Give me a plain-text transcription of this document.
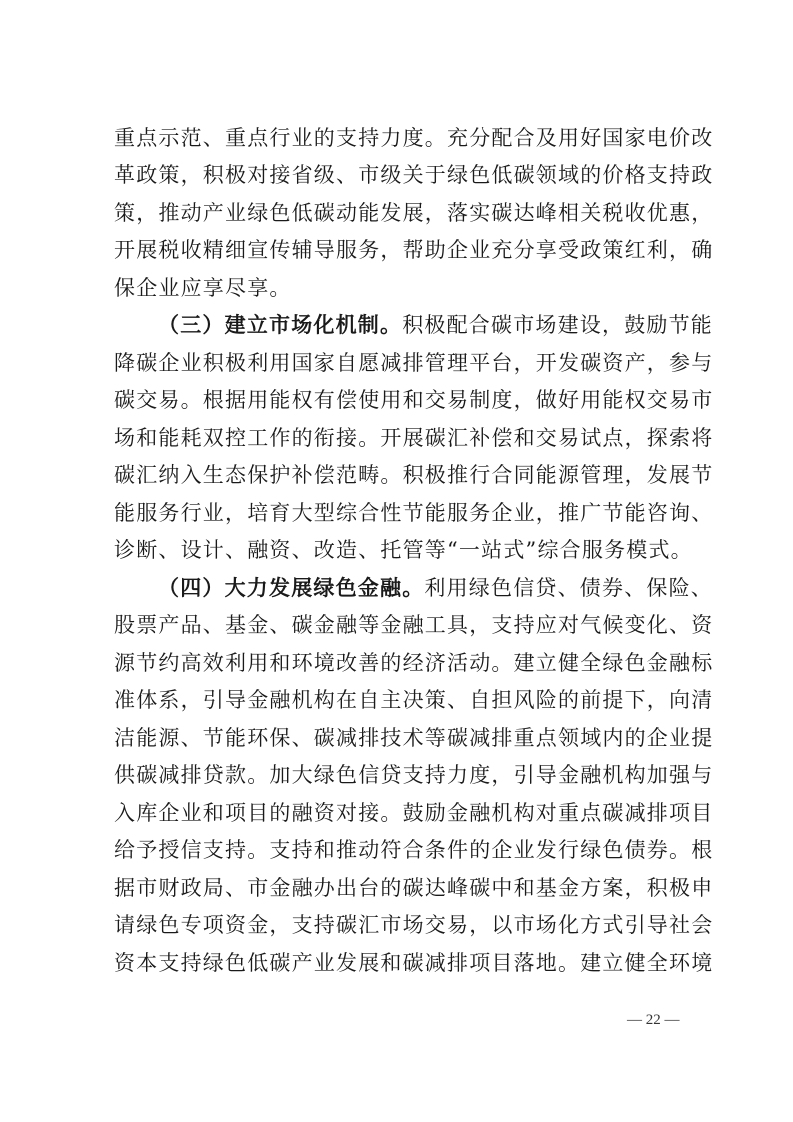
重点示范、重点行业的支持力度。充分配合及用好国家电价改
革政策，积极对接省级、市级关于绿色低碳领域的价格支持政
策，推动产业绿色低碳动能发展，落实碳达峰相关税收优惠，
开展税收精细宣传辅导服务，帮助企业充分享受政策红利，确
保企业应享尽享。
（三）建立市场化机制。积极配合碳市场建设，鼓励节能
降碳企业积极利用国家自愿减排管理平台，开发碳资产，参与
碳交易。根据用能权有偿使用和交易制度，做好用能权交易市
场和能耗双控工作的衔接。开展碳汇补偿和交易试点，探索将
碳汇纳入生态保护补偿范畴。积极推行合同能源管理，发展节
能服务行业，培育大型综合性节能服务企业，推广节能咨询、
诊断、设计、融资、改造、托管等“一站式”综合服务模式。
（四）大力发展绿色金融。利用绿色信贷、债券、保险、
股票产品、基金、碳金融等金融工具，支持应对气候变化、资
源节约高效利用和环境改善的经济活动。建立健全绿色金融标
准体系，引导金融机构在自主决策、自担风险的前提下，向清
洁能源、节能环保、碳减排技术等碳减排重点领域内的企业提
供碳减排贷款。加大绿色信贷支持力度，引导金融机构加强与
入库企业和项目的融资对接。鼓励金融机构对重点碳减排项目
给予授信支持。支持和推动符合条件的企业发行绿色债券。根
据市财政局、市金融办出台的碳达峰碳中和基金方案，积极申
请绿色专项资金，支持碳汇市场交易，以市场化方式引导社会
资本支持绿色低碳产业发展和碳减排项目落地。建立健全环境
— 22 —
